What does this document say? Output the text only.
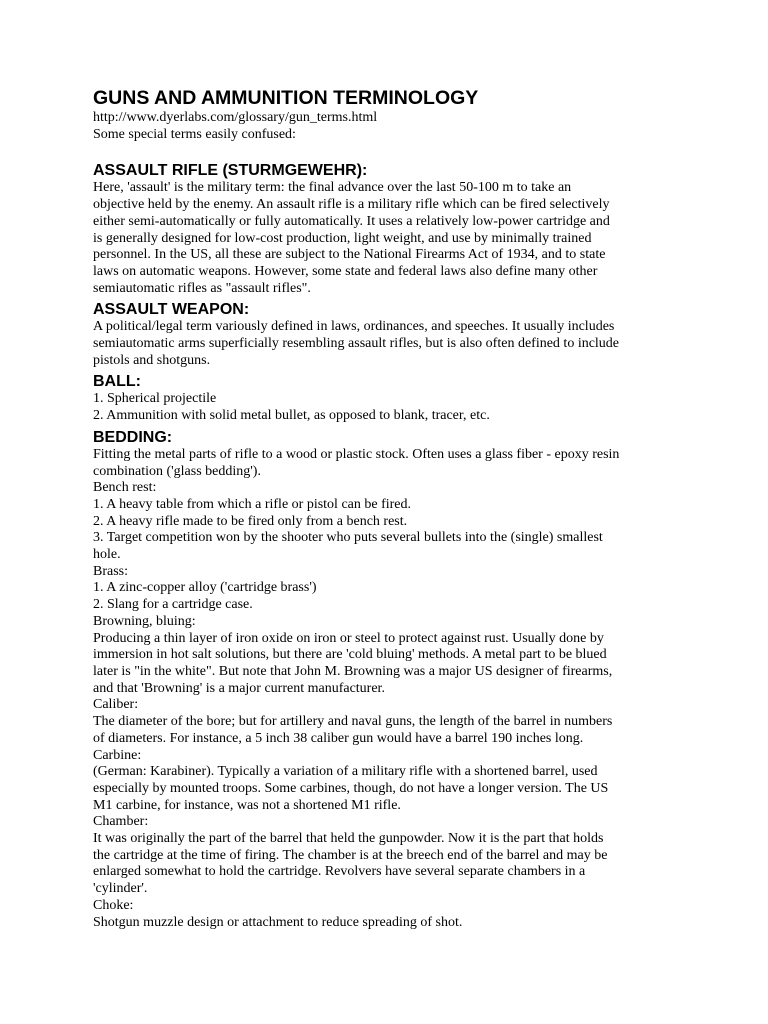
GUNS AND AMMUNITION TERMINOLOGY

http://www.dyerlabs.com/glossary/gun_terms.html

Some special terms easily confused:

ASSAULT RIFLE (STURMGEWEHR):

Here, 'assault' is the military term: the final advance over the last 50-100 m to take an

objective held by the enemy. An assault rifle is a military rifle which can be fired selectively

either semi-automatically or fully automatically. It uses a relatively low-power cartridge and

is generally designed for low-cost production, light weight, and use by minimally trained

personnel. In the US, all these are subject to the National Firearms Act of 1934, and to state

laws on automatic weapons. However, some state and federal laws also define many other

semiautomatic rifles as "assault rifles".

ASSAULT WEAPON:

A political/legal term variously defined in laws, ordinances, and speeches. It usually includes

semiautomatic arms superficially resembling assault rifles, but is also often defined to include

pistols and shotguns.

BALL:

1. Spherical projectile

2. Ammunition with solid metal bullet, as opposed to blank, tracer, etc.

BEDDING:

Fitting the metal parts of rifle to a wood or plastic stock. Often uses a glass fiber - epoxy resin

combination ('glass bedding').

Bench rest:

1. A heavy table from which a rifle or pistol can be fired.

2. A heavy rifle made to be fired only from a bench rest.

3. Target competition won by the shooter who puts several bullets into the (single) smallest

hole.

Brass:

1. A zinc-copper alloy ('cartridge brass')

2. Slang for a cartridge case.

Browning, bluing:

Producing a thin layer of iron oxide on iron or steel to protect against rust. Usually done by

immersion in hot salt solutions, but there are 'cold bluing' methods. A metal part to be blued

later is "in the white". But note that John M. Browning was a major US designer of firearms,

and that 'Browning' is a major current manufacturer.

Caliber:

The diameter of the bore; but for artillery and naval guns, the length of the barrel in numbers

of diameters. For instance, a 5 inch 38 caliber gun would have a barrel 190 inches long.

Carbine:

(German: Karabiner). Typically a variation of a military rifle with a shortened barrel, used

especially by mounted troops. Some carbines, though, do not have a longer version. The US

M1 carbine, for instance, was not a shortened M1 rifle.

Chamber:

It was originally the part of the barrel that held the gunpowder. Now it is the part that holds

the cartridge at the time of firing. The chamber is at the breech end of the barrel and may be

enlarged somewhat to hold the cartridge. Revolvers have several separate chambers in a

'cylinder'.

Choke:

Shotgun muzzle design or attachment to reduce spreading of shot.
